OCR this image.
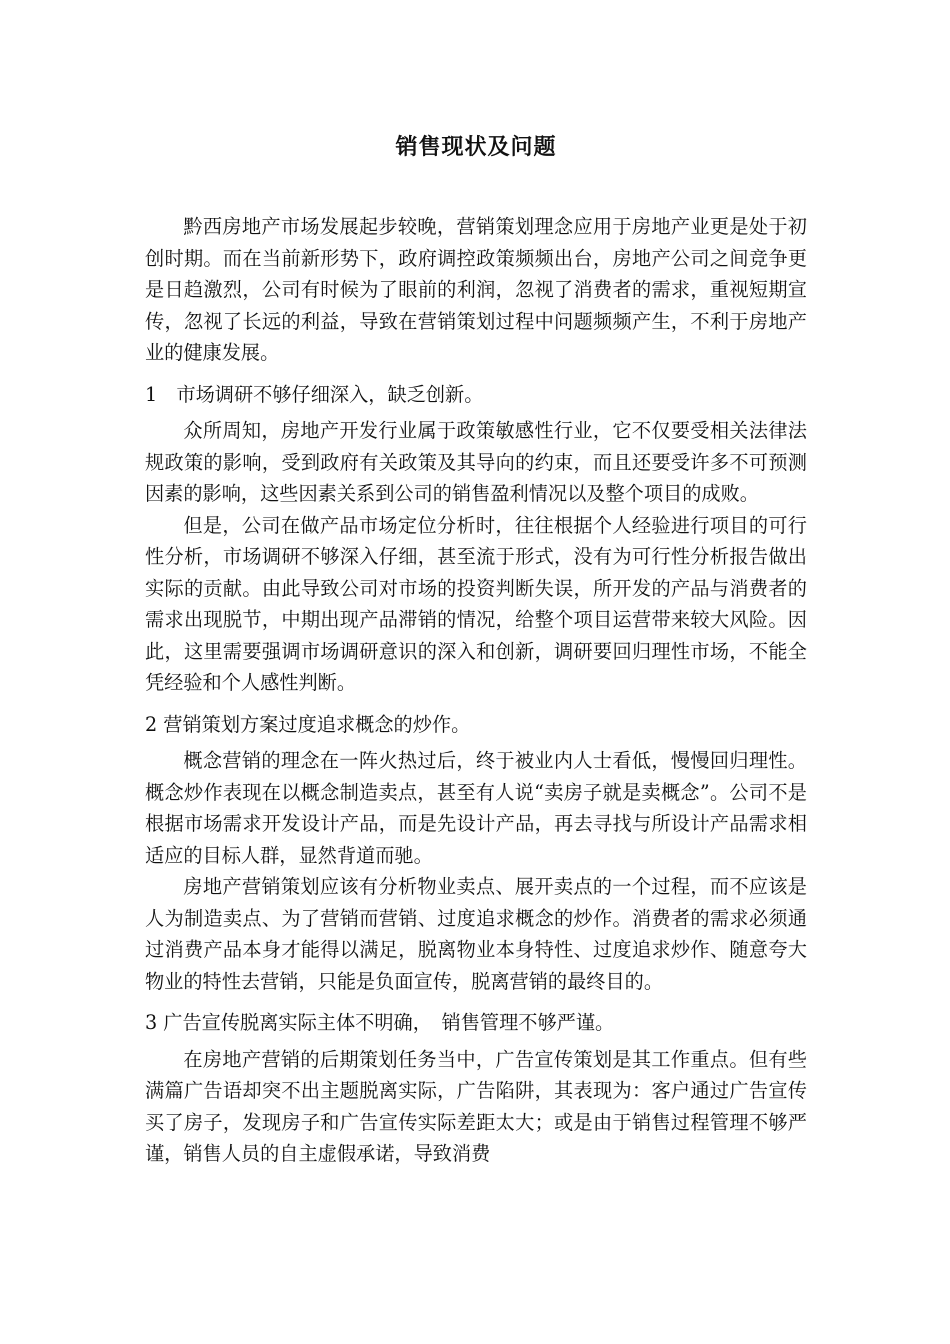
销售现状及问题

黔西房地产市场发展起步较晚，营销策划理念应用于房地产业更是处于初创时期。而在当前新形势下，政府调控政策频频出台，房地产公司之间竞争更是日趋激烈，公司有时候为了眼前的利润，忽视了消费者的需求，重视短期宣传，忽视了长远的利益，导致在营销策划过程中问题频频产生，不利于房地产业的健康发展。

1　市场调研不够仔细深入，缺乏创新。

众所周知，房地产开发行业属于政策敏感性行业，它不仅要受相关法律法规政策的影响，受到政府有关政策及其导向的约束，而且还要受许多不可预测因素的影响，这些因素关系到公司的销售盈利情况以及整个项目的成败。

但是，公司在做产品市场定位分析时，往往根据个人经验进行项目的可行性分析，市场调研不够深入仔细，甚至流于形式，没有为可行性分析报告做出实际的贡献。由此导致公司对市场的投资判断失误，所开发的产品与消费者的需求出现脱节，中期出现产品滞销的情况，给整个项目运营带来较大风险。因此，这里需要强调市场调研意识的深入和创新，调研要回归理性市场，不能全凭经验和个人感性判断。

2 营销策划方案过度追求概念的炒作。

概念营销的理念在一阵火热过后，终于被业内人士看低，慢慢回归理性。概念炒作表现在以概念制造卖点，甚至有人说“卖房子就是卖概念”。公司不是根据市场需求开发设计产品，而是先设计产品，再去寻找与所设计产品需求相适应的目标人群，显然背道而驰。

房地产营销策划应该有分析物业卖点、展开卖点的一个过程，而不应该是人为制造卖点、为了营销而营销、过度追求概念的炒作。消费者的需求必须通过消费产品本身才能得以满足，脱离物业本身特性、过度追求炒作、随意夸大物业的特性去营销，只能是负面宣传，脱离营销的最终目的。

3 广告宣传脱离实际主体不明确，　销售管理不够严谨。

在房地产营销的后期策划任务当中，广告宣传策划是其工作重点。但有些满篇广告语却突不出主题脱离实际，广告陷阱，其表现为：客户通过广告宣传买了房子，发现房子和广告宣传实际差距太大；或是由于销售过程管理不够严谨，销售人员的自主虚假承诺，导致消费
